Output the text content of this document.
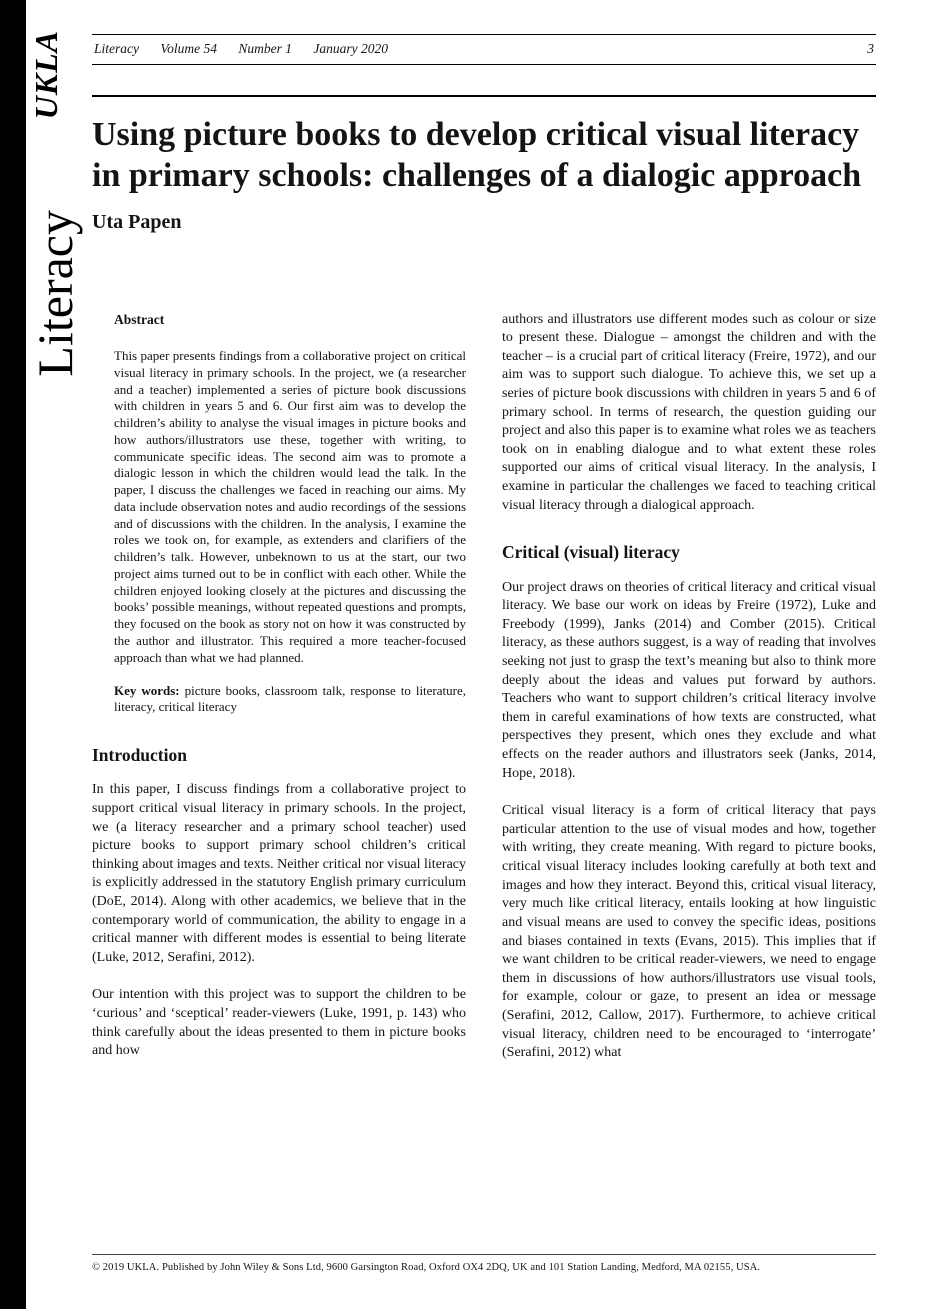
UKLA
Literacy
Literacy Volume 54 Number 1 January 2020	3
Using picture books to develop critical visual literacy in primary schools: challenges of a dialogic approach
Uta Papen
Abstract

This paper presents findings from a collaborative project on critical visual literacy in primary schools. In the project, we (a researcher and a teacher) implemented a series of picture book discussions with children in years 5 and 6. Our first aim was to develop the children’s ability to analyse the visual images in picture books and how authors/illustrators use these, together with writing, to communicate specific ideas. The second aim was to promote a dialogic lesson in which the children would lead the talk. In the paper, I discuss the challenges we faced in reaching our aims. My data include observation notes and audio recordings of the sessions and of discussions with the children. In the analysis, I examine the roles we took on, for example, as extenders and clarifiers of the children’s talk. However, unbeknown to us at the start, our two project aims turned out to be in conflict with each other. While the children enjoyed looking closely at the pictures and discussing the books’ possible meanings, without repeated questions and prompts, they focused on the book as story not on how it was constructed by the author and illustrator. This required a more teacher-focused approach than what we had planned.

Key words: picture books, classroom talk, response to literature, literacy, critical literacy

Introduction

In this paper, I discuss findings from a collaborative project to support critical visual literacy in primary schools. In the project, we (a literacy researcher and a primary school teacher) used picture books to support primary school children’s critical thinking about images and texts. Neither critical nor visual literacy is explicitly addressed in the statutory English primary curriculum (DoE, 2014). Along with other academics, we believe that in the contemporary world of communication, the ability to engage in a critical manner with different modes is essential to being literate (Luke, 2012, Serafini, 2012).

Our intention with this project was to support the children to be ‘curious’ and ‘sceptical’ reader-viewers (Luke, 1991, p. 143) who think carefully about the ideas presented to them in picture books and how

authors and illustrators use different modes such as colour or size to present these. Dialogue – amongst the children and with the teacher – is a crucial part of critical literacy (Freire, 1972), and our aim was to support such dialogue. To achieve this, we set up a series of picture book discussions with children in years 5 and 6 of primary school. In terms of research, the question guiding our project and also this paper is to examine what roles we as teachers took on in enabling dialogue and to what extent these roles supported our aims of critical visual literacy. In the analysis, I examine in particular the challenges we faced to teaching critical visual literacy through a dialogical approach.

Critical (visual) literacy

Our project draws on theories of critical literacy and critical visual literacy. We base our work on ideas by Freire (1972), Luke and Freebody (1999), Janks (2014) and Comber (2015). Critical literacy, as these authors suggest, is a way of reading that involves seeking not just to grasp the text’s meaning but also to think more deeply about the ideas and values put forward by authors. Teachers who want to support children’s critical literacy involve them in careful examinations of how texts are constructed, what perspectives they present, which ones they exclude and what effects on the reader authors and illustrators seek (Janks, 2014, Hope, 2018).

Critical visual literacy is a form of critical literacy that pays particular attention to the use of visual modes and how, together with writing, they create meaning. With regard to picture books, critical visual literacy includes looking carefully at both text and images and how they interact. Beyond this, critical visual literacy, very much like critical literacy, entails looking at how linguistic and visual means are used to convey the specific ideas, positions and biases contained in texts (Evans, 2015). This implies that if we want children to be critical reader-viewers, we need to engage them in discussions of how authors/illustrators use visual tools, for example, colour or gaze, to present an idea or message (Serafini, 2012, Callow, 2017). Furthermore, to achieve critical visual literacy, children need to be encouraged to ‘interrogate’ (Serafini, 2012) what

© 2019 UKLA. Published by John Wiley & Sons Ltd, 9600 Garsington Road, Oxford OX4 2DQ, UK and 101 Station Landing, Medford, MA 02155, USA.
